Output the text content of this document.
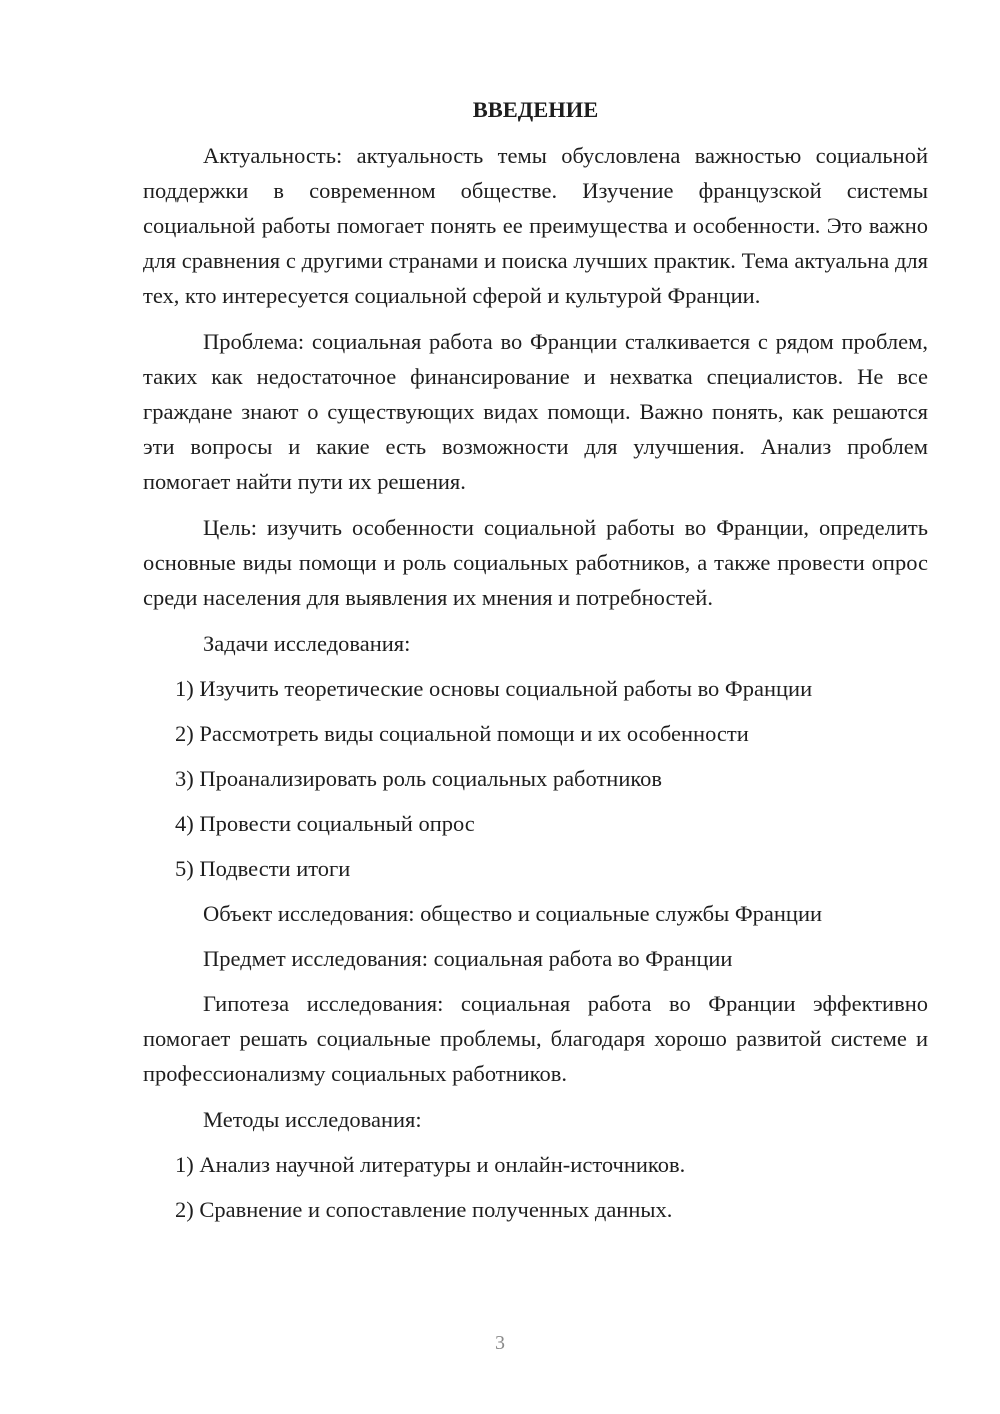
ВВЕДЕНИЕ

Актуальность: актуальность темы обусловлена важностью социальной поддержки в современном обществе. Изучение французской системы социальной работы помогает понять ее преимущества и особенности. Это важно для сравнения с другими странами и поиска лучших практик. Тема актуальна для тех, кто интересуется социальной сферой и культурой Франции.

Проблема: социальная работа во Франции сталкивается с рядом проблем, таких как недостаточное финансирование и нехватка специалистов. Не все граждане знают о существующих видах помощи. Важно понять, как решаются эти вопросы и какие есть возможности для улучшения. Анализ проблем помогает найти пути их решения.

Цель: изучить особенности социальной работы во Франции, определить основные виды помощи и роль социальных работников, а также провести опрос среди населения для выявления их мнения и потребностей.

Задачи исследования:
1) Изучить теоретические основы социальной работы во Франции
2) Рассмотреть виды социальной помощи и их особенности
3) Проанализировать роль социальных работников
4) Провести социальный опрос
5) Подвести итоги
Объект исследования: общество и социальные службы Франции
Предмет исследования: социальная работа во Франции

Гипотеза исследования: социальная работа во Франции эффективно помогает решать социальные проблемы, благодаря хорошо развитой системе и профессионализму социальных работников.

Методы исследования:
1) Анализ научной литературы и онлайн-источников.
2) Сравнение и сопоставление полученных данных.
3
